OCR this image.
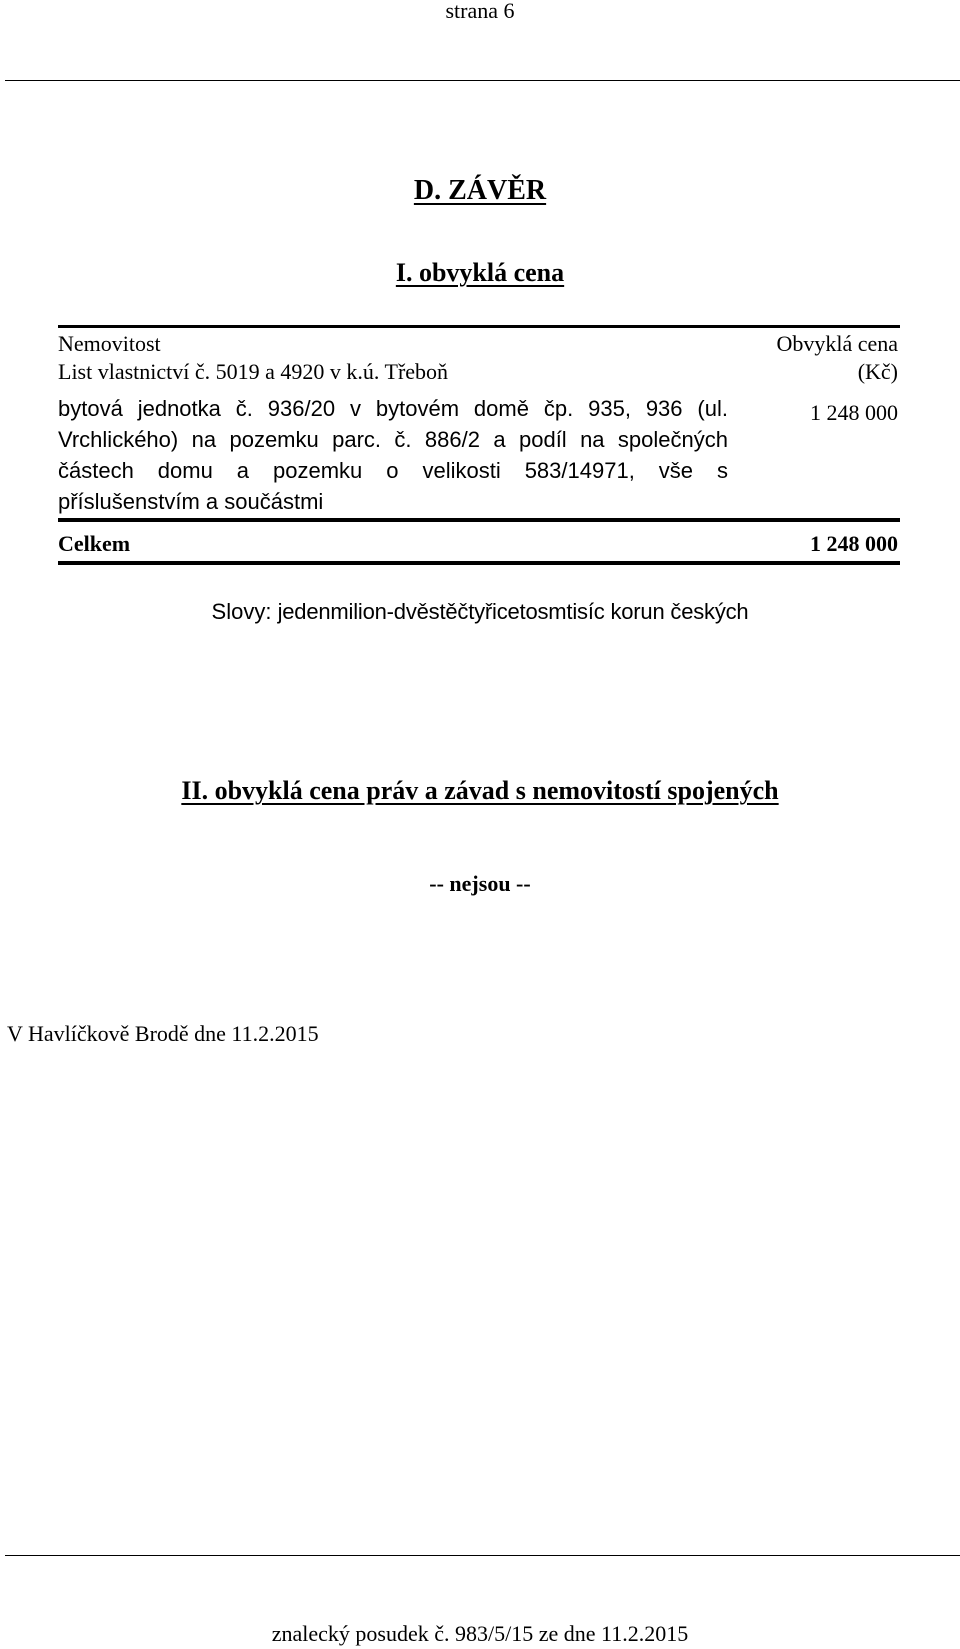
strana 6
D. ZÁVĚR
I. obvyklá cena
Nemovitost
List vlastnictví č. 5019 a 4920 v k.ú. Třeboň
Obvyklá cena
(Kč)
bytová jednotka č. 936/20 v bytovém domě čp. 935, 936 (ul. Vrchlického) na pozemku parc. č. 886/2 a podíl na společných částech domu a pozemku o velikosti 583/14971, vše s příslušenstvím a součástmi
1 248 000
Celkem	1 248 000
Slovy: jedenmilion-dvěstěčtyřicetosmtisíc korun českých
II. obvyklá cena práv a závad s nemovitostí spojených
-- nejsou --
V Havlíčkově Brodě dne 11.2.2015
znalecký posudek č. 983/5/15 ze dne 11.2.2015
